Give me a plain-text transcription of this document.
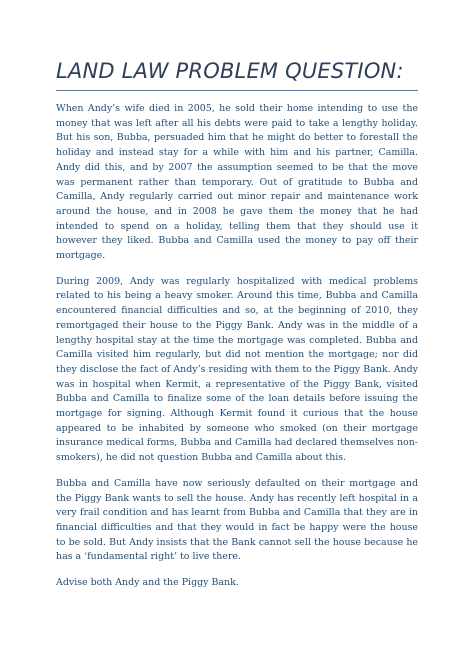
LAND LAW PROBLEM QUESTION:

When Andy’s wife died in 2005, he sold their home intending to use the money that was left after all his debts were paid to take a lengthy holiday. But his son, Bubba, persuaded him that he might do better to forestall the holiday and instead stay for a while with him and his partner, Camilla. Andy did this, and by 2007 the assumption seemed to be that the move was permanent rather than temporary. Out of gratitude to Bubba and Camilla, Andy regularly carried out minor repair and maintenance work around the house, and in 2008 he gave them the money that he had intended to spend on a holiday, telling them that they should use it however they liked. Bubba and Camilla used the money to pay off their mortgage.

During 2009, Andy was regularly hospitalized with medical problems related to his being a heavy smoker. Around this time, Bubba and Camilla encountered financial difficulties and so, at the beginning of 2010, they remortgaged their house to the Piggy Bank. Andy was in the middle of a lengthy hospital stay at the time the mortgage was completed. Bubba and Camilla visited him regularly, but did not mention the mortgage; nor did they disclose the fact of Andy’s residing with them to the Piggy Bank. Andy was in hospital when Kermit, a representative of the Piggy Bank, visited Bubba and Camilla to finalize some of the loan details before issuing the mortgage for signing. Although Kermit found it curious that the house appeared to be inhabited by someone who smoked (on their mortgage insurance medical forms, Bubba and Camilla had declared themselves non-smokers), he did not question Bubba and Camilla about this.

Bubba and Camilla have now seriously defaulted on their mortgage and the Piggy Bank wants to sell the house. Andy has recently left hospital in a very frail condition and has learnt from Bubba and Camilla that they are in financial difficulties and that they would in fact be happy were the house to be sold. But Andy insists that the Bank cannot sell the house because he has a ‘fundamental right’ to live there.

Advise both Andy and the Piggy Bank.
